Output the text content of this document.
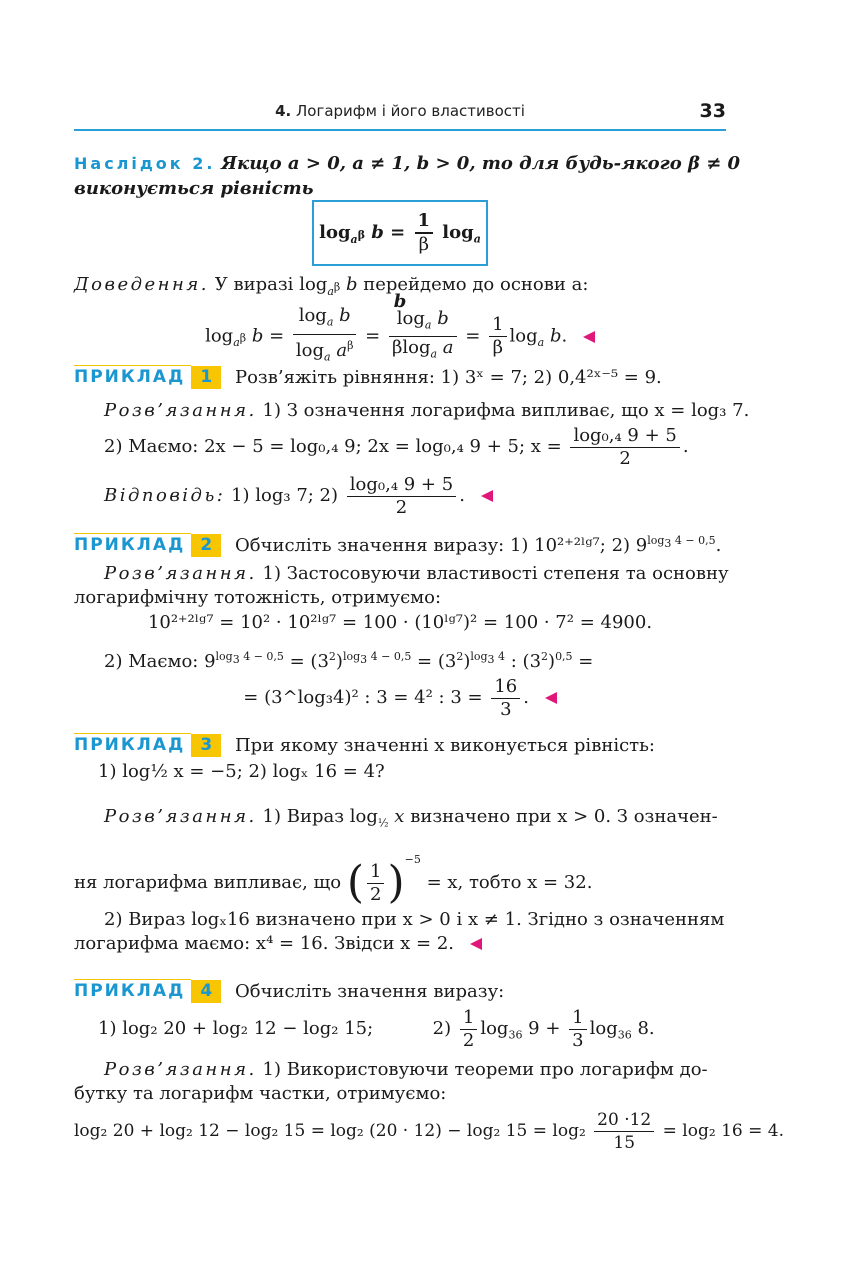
4. Логарифм і його властивості	33
Наслідок 2. Якщо a > 0, a ≠ 1, b > 0, то для будь-якого β ≠ 0
виконується рівність
$\log_{a^\beta} b = \frac{1}{\beta} \log_a b$
Доведення. У виразі $\log_{a^\beta} b$ перейдемо до основи a:
$\log_{a^\beta} b = \frac{\log_a b}{\log_a a^\beta} = \frac{\log_a b}{\beta\log_a a} = \frac{1}{\beta} \log_a b$.
ПРИКЛАД 1 Розв’яжіть рівняння: 1) 3ˣ = 7; 2) 0,4²ˣ⁻⁵ = 9.
Розв’язання. 1) З означення логарифма випливає, що x = log₃ 7.
2) Маємо: 2x − 5 = log₀,₄ 9; 2x = log₀,₄ 9 + 5; $x = \frac{\text{log₀,₄ 9 + 5}}{2}$ .
Відповідь: 1) log₃ 7; $2) \frac{\text{log₀,₄ 9 + 5}}{2}$ .
ПРИКЛАД 2 Обчисліть значення виразу: 1) 10²⁺²ˡᵍ⁷; 2) $9^{log_3 4 - 0,5}$.
Розв’язання. 1) Застосовуючи властивості степеня та основну
логарифмічну тотожність, отримуємо:
10²⁺²ˡᵍ⁷ = 10² · 10²ˡᵍ⁷ = 100 · (10ˡᵍ⁷)² = 100 · 7² = 4900.
2) Маємо: $9^{log_3 4 - 0,5} = (3^2)^{log_3 4 - 0,5} = (3^2)^{log_3 4}$ : $(3^2)^{0,5}$ =
= (3^log₃4)² : 3 = 4² : $3 = \frac{16}{3}$ .
ПРИКЛАД 3 При якому значенні x виконується рівність:
1) log½ x = −5; 2) logₓ 16 = 4?
Розв’язання. 1) Вираз $\log_{\frac{1}{2}} x$ визначено при x > 0. З означен-
ня логарифма випливає, що ( $\frac{1}{2} )^{-5} = x$, тобто x = 32.
2) Вираз logₓ16 визначено при x > 0 і x ≠ 1. Згідно з означенням
логарифма маємо: x⁴ = 16. Звідси x = 2.
ПРИКЛАД 4 Обчисліть значення виразу:
1) log₂ 20 + log₂ 12 − log₂ 15;	$2) \frac{1}{2} \log_{36} 9 + \frac{1}{3} \log_{36} 8$.
Розв’язання. 1) Використовуючи теореми про логарифм до-
бутку та логарифм частки, отримуємо:
log₂ 20 + log₂ 12 − log₂ 15 = log₂ (20 · 12) − log₂ $15 = \log_2 \frac{20 \cdot 12}{15} = \log_2$ 16 = 4.
